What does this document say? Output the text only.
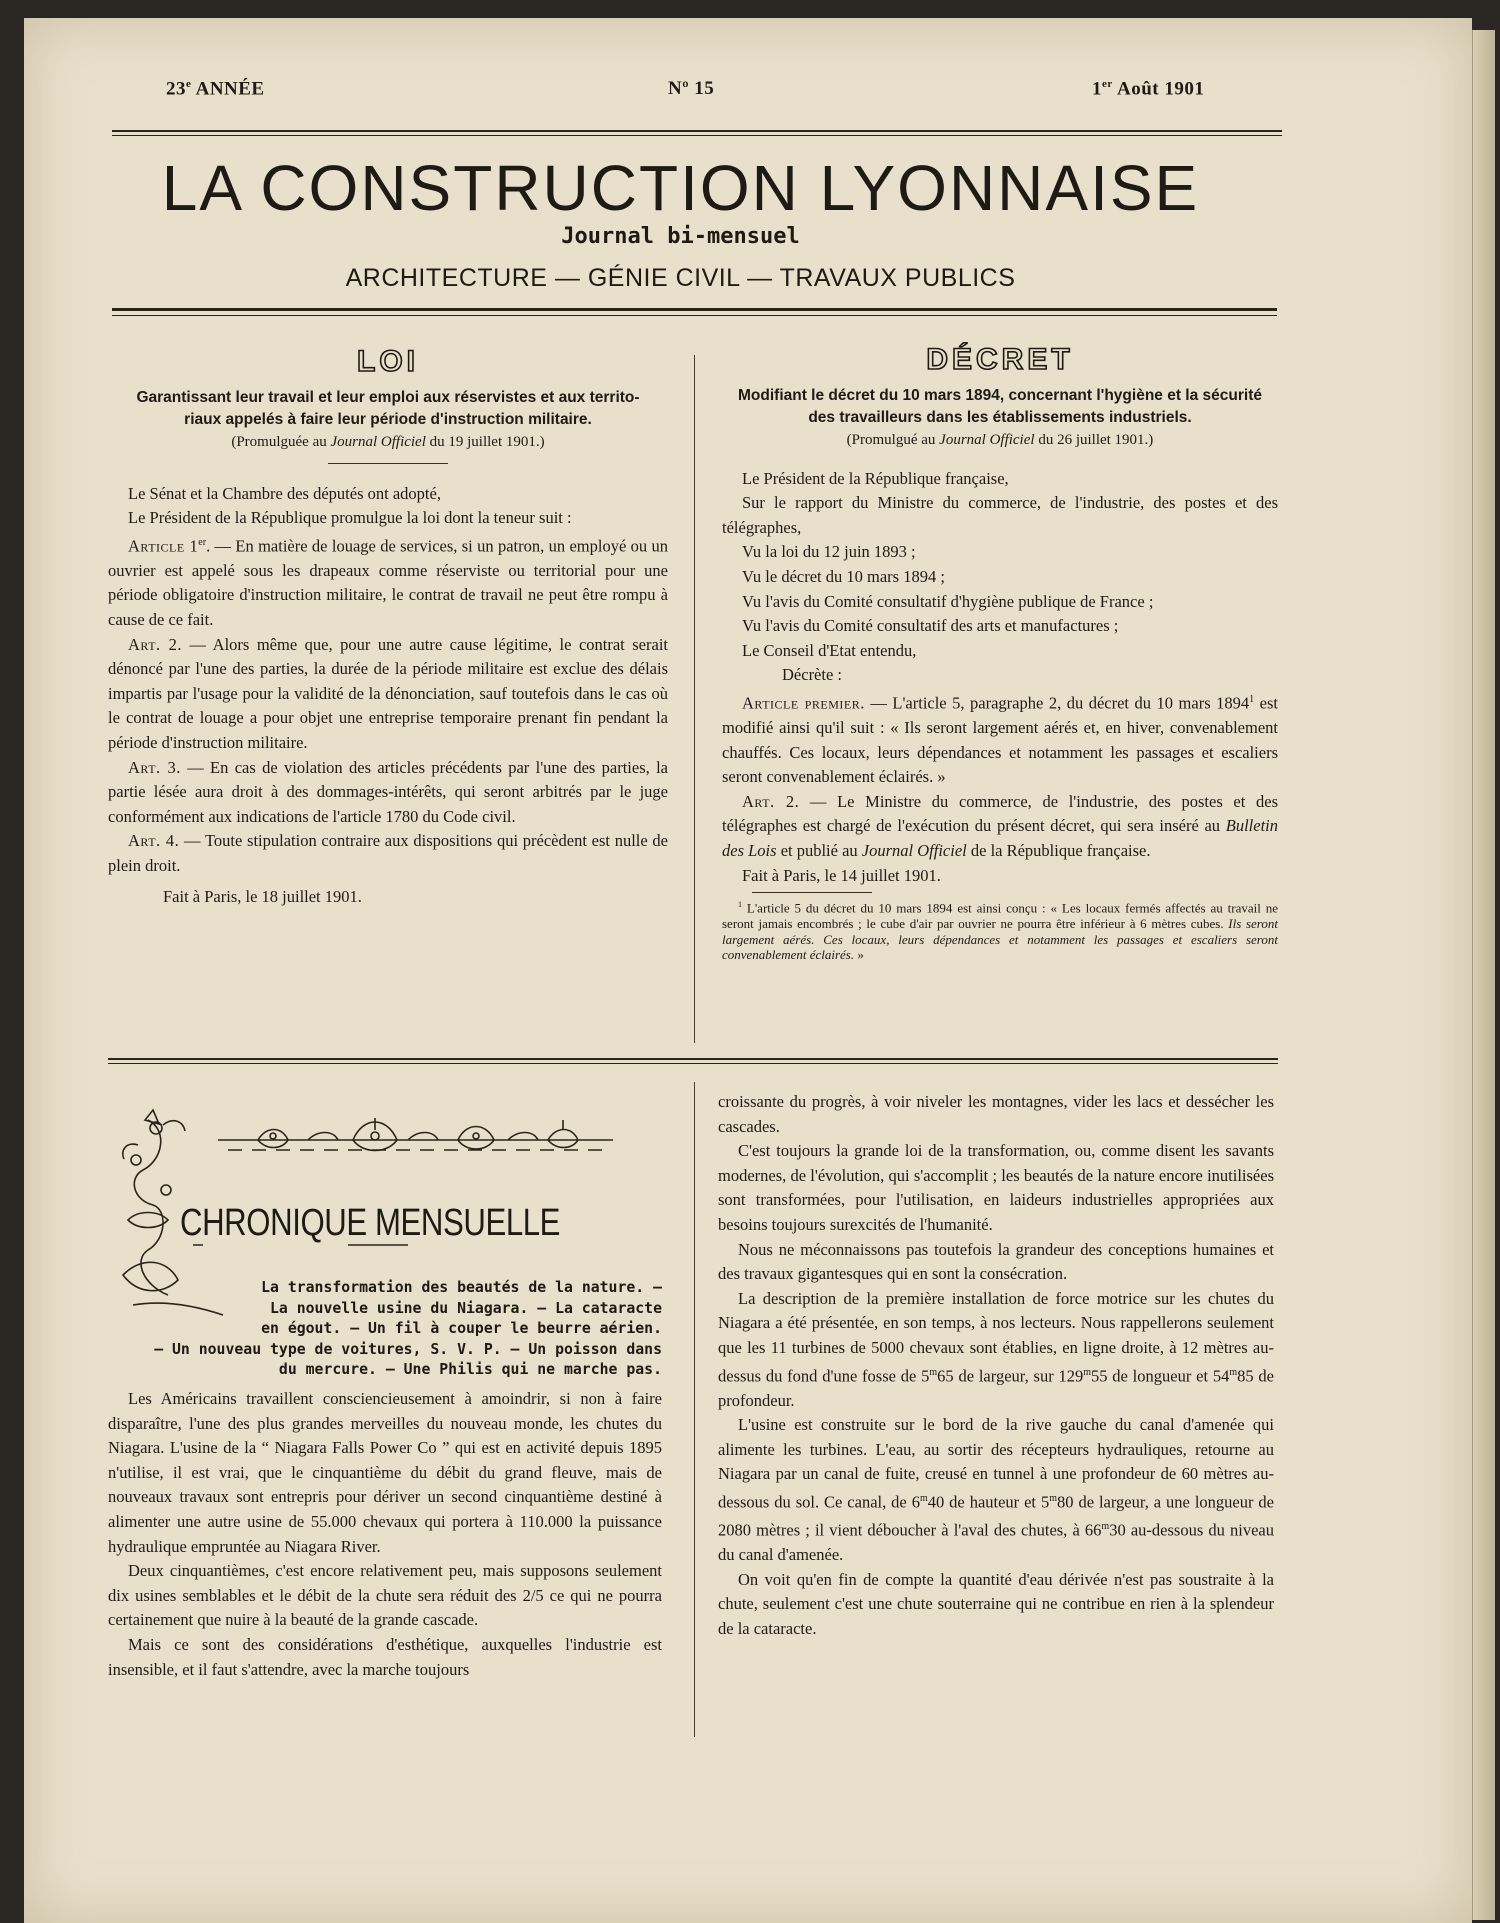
23e ANNÉE	Nº 15	1er Août 1901
LA CONSTRUCTION LYONNAISE
Journal bi-mensuel
ARCHITECTURE — GÉNIE CIVIL — TRAVAUX PUBLICS
LOI
Garantissant leur travail et leur emploi aux réservistes et aux territo-
riaux appelés à faire leur période d'instruction militaire.
(Promulguée au Journal Officiel du 19 juillet 1901.)

Le Sénat et la Chambre des députés ont adopté,

Le Président de la République promulgue la loi dont la teneur suit :

Article 1er. — En matière de louage de services, si un patron, un employé ou un ouvrier est appelé sous les drapeaux comme réserviste ou territorial pour une période obligatoire d'instruction militaire, le contrat de travail ne peut être rompu à cause de ce fait.

Art. 2. — Alors même que, pour une autre cause légitime, le contrat serait dénoncé par l'une des parties, la durée de la période militaire est exclue des délais impartis par l'usage pour la validité de la dénonciation, sauf toutefois dans le cas où le contrat de louage a pour objet une entreprise temporaire prenant fin pendant la période d'instruction militaire.

Art. 3. — En cas de violation des articles précédents par l'une des parties, la partie lésée aura droit à des dommages-intérêts, qui seront arbitrés par le juge conformément aux indications de l'article 1780 du Code civil.

Art. 4. — Toute stipulation contraire aux dispositions qui précèdent est nulle de plein droit.

Fait à Paris, le 18 juillet 1901.

DÉCRET
Modifiant le décret du 10 mars 1894, concernant l'hygiène et la sécurité
des travailleurs dans les établissements industriels.
(Promulgué au Journal Officiel du 26 juillet 1901.)

Le Président de la République française,

Sur le rapport du Ministre du commerce, de l'industrie, des postes et des télégraphes,

Vu la loi du 12 juin 1893 ;

Vu le décret du 10 mars 1894 ;

Vu l'avis du Comité consultatif d'hygiène publique de France ;

Vu l'avis du Comité consultatif des arts et manufactures ;

Le Conseil d'Etat entendu,

Décrète :

Article premier. — L'article 5, paragraphe 2, du décret du 10 mars 1894$^1$ est modifié ainsi qu'il suit : « Ils seront largement aérés et, en hiver, convenablement chauffés. Ces locaux, leurs dépendances et notamment les passages et escaliers seront convenablement éclairés. »

Art. 2. — Le Ministre du commerce, de l'industrie, des postes et des télégraphes est chargé de l'exécution du présent décret, qui sera inséré au Bulletin des Lois et publié au Journal Officiel de la République française.

Fait à Paris, le 14 juillet 1901.

$^1$ L'article 5 du décret du 10 mars 1894 est ainsi conçu : « Les locaux fermés affectés au travail ne seront jamais encombrés ; le cube d'air par ouvrier ne pourra être inférieur à 6 mètres cubes. Ils seront largement aérés. Ces locaux, leurs dépendances et notamment les passages et escaliers seront convenablement éclairés. »

CHRONIQUE MENSUELLE
La transformation des beautés de la nature. —
La nouvelle usine du Niagara. — La cataracte
en égout. — Un fil à couper le beurre aérien.
— Un nouveau type de voitures, S. V. P. — Un poisson dans
du mercure. — Une Philis qui ne marche pas.

Les Américains travaillent consciencieusement à amoindrir, si non à faire disparaître, l'une des plus grandes merveilles du nouveau monde, les chutes du Niagara. L'usine de la “ Niagara Falls Power Co ” qui est en activité depuis 1895 n'utilise, il est vrai, que le cinquantième du débit du grand fleuve, mais de nouveaux travaux sont entrepris pour dériver un second cinquantième destiné à alimenter une autre usine de 55.000 chevaux qui portera à 110.000 la puissance hydraulique empruntée au Niagara River.

Deux cinquantièmes, c'est encore relativement peu, mais supposons seulement dix usines semblables et le débit de la chute sera réduit des 2/5 ce qui ne pourra certainement que nuire à la beauté de la grande cascade.

Mais ce sont des considérations d'esthétique, auxquelles l'industrie est insensible, et il faut s'attendre, avec la marche toujours

croissante du progrès, à voir niveler les montagnes, vider les lacs et dessécher les cascades.

C'est toujours la grande loi de la transformation, ou, comme disent les savants modernes, de l'évolution, qui s'accomplit ; les beautés de la nature encore inutilisées sont transformées, pour l'utilisation, en laideurs industrielles appropriées aux besoins toujours surexcités de l'humanité.

Nous ne méconnaissons pas toutefois la grandeur des conceptions humaines et des travaux gigantesques qui en sont la consécration.

La description de la première installation de force motrice sur les chutes du Niagara a été présentée, en son temps, à nos lecteurs. Nous rappellerons seulement que les 11 turbines de 5000 chevaux sont établies, en ligne droite, à 12 mètres au-dessus du fond d'une fosse de 5$^m$65 de largeur, sur 129$^m$55 de longueur et 54$^m$85 de profondeur.

L'usine est construite sur le bord de la rive gauche du canal d'amenée qui alimente les turbines. L'eau, au sortir des récepteurs hydrauliques, retourne au Niagara par un canal de fuite, creusé en tunnel à une profondeur de 60 mètres au-dessous du sol. Ce canal, de 6$^m$40 de hauteur et 5$^m$80 de largeur, a une longueur de 2080 mètres ; il vient déboucher à l'aval des chutes, à 66$^m$30 au-dessous du niveau du canal d'amenée.

On voit qu'en fin de compte la quantité d'eau dérivée n'est pas soustraite à la chute, seulement c'est une chute souterraine qui ne contribue en rien à la splendeur de la cataracte.
